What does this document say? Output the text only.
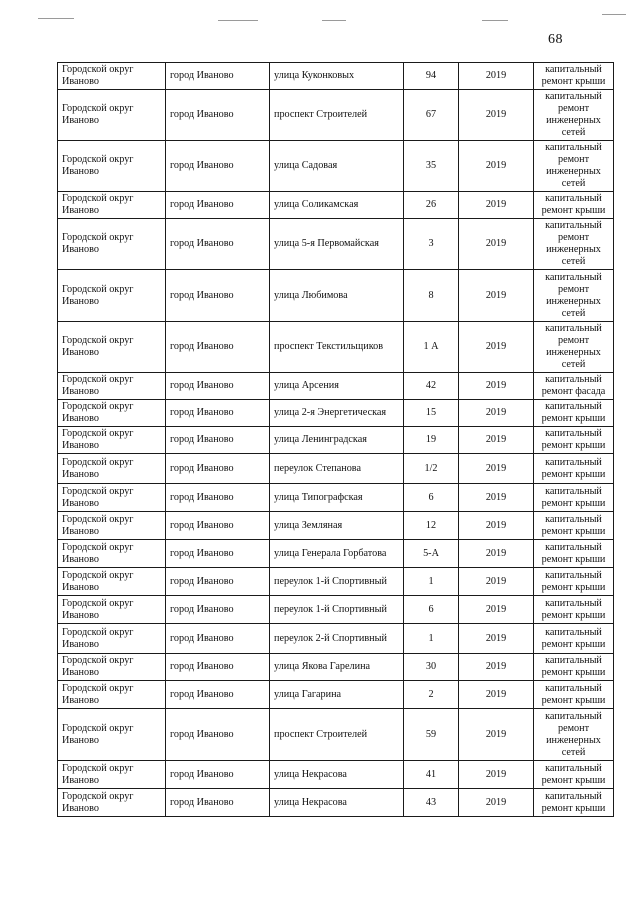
68
Городской округ Иваново	город Иваново	улица Куконковых	94	2019	капитальный ремонт крыши
Городской округ Иваново	город Иваново	проспект Строителей	67	2019	капитальный ремонт инженерных сетей
Городской округ Иваново	город Иваново	улица Садовая	35	2019	капитальный ремонт инженерных сетей
Городской округ Иваново	город Иваново	улица Соликамская	26	2019	капитальный ремонт крыши
Городской округ Иваново	город Иваново	улица 5-я Первомайская	3	2019	капитальный ремонт инженерных сетей
Городской округ Иваново	город Иваново	улица Любимова	8	2019	капитальный ремонт инженерных сетей
Городской округ Иваново	город Иваново	проспект Текстильщиков	1 А	2019	капитальный ремонт инженерных сетей
Городской округ Иваново	город Иваново	улица Арсения	42	2019	капитальный ремонт фасада
Городской округ Иваново	город Иваново	улица 2-я Энергетическая	15	2019	капитальный ремонт крыши
Городской округ Иваново	город Иваново	улица Ленинградская	19	2019	капитальный ремонт крыши
Городской округ Иваново	город Иваново	переулок Степанова	1/2	2019	капитальный ремонт крыши
Городской округ Иваново	город Иваново	улица Типографская	6	2019	капитальный ремонт крыши
Городской округ Иваново	город Иваново	улица Земляная	12	2019	капитальный ремонт крыши
Городской округ Иваново	город Иваново	улица Генерала Горбатова	5-А	2019	капитальный ремонт крыши
Городской округ Иваново	город Иваново	переулок 1-й Спортивный	1	2019	капитальный ремонт крыши
Городской округ Иваново	город Иваново	переулок 1-й Спортивный	6	2019	капитальный ремонт крыши
Городской округ Иваново	город Иваново	переулок 2-й Спортивный	1	2019	капитальный ремонт крыши
Городской округ Иваново	город Иваново	улица Якова Гарелина	30	2019	капитальный ремонт крыши
Городской округ Иваново	город Иваново	улица Гагарина	2	2019	капитальный ремонт крыши
Городской округ Иваново	город Иваново	проспект Строителей	59	2019	капитальный ремонт инженерных сетей
Городской округ Иваново	город Иваново	улица Некрасова	41	2019	капитальный ремонт крыши
Городской округ Иваново	город Иваново	улица Некрасова	43	2019	капитальный ремонт крыши
